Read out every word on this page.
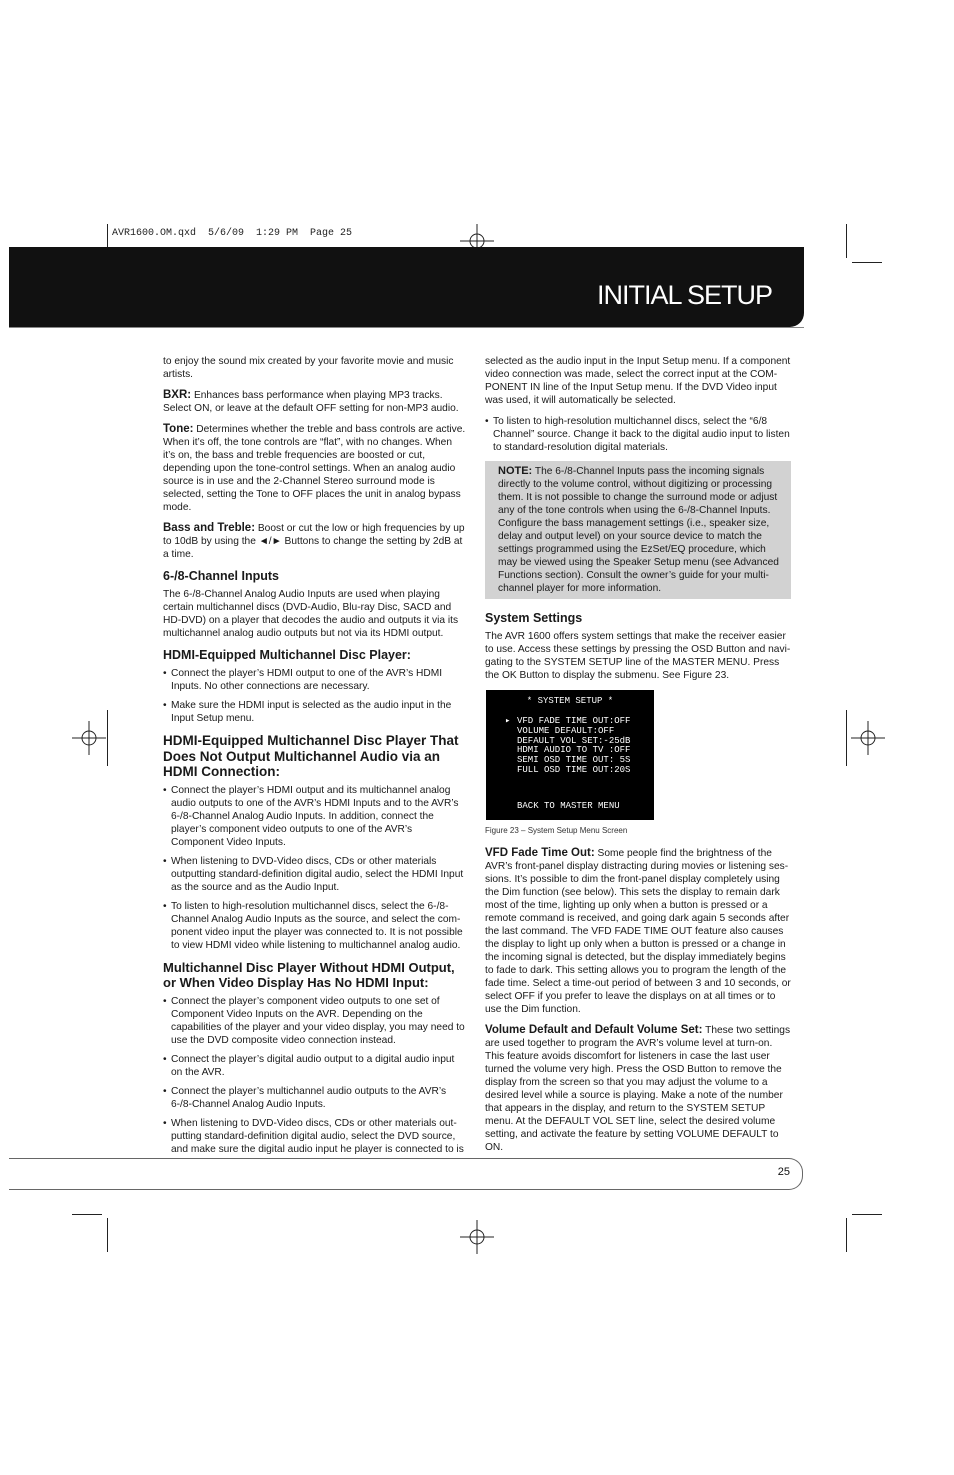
AVR1600.OM.qxd  5/6/09  1:29 PM  Page 25
INITIAL SETUP

to enjoy the sound mix created by your favorite movie and music artists.

BXR: Enhances bass performance when playing MP3 tracks. Select ON, or leave at the default OFF setting for non-MP3 audio.

Tone: Determines whether the treble and bass controls are active. When it’s off, the tone controls are “flat”, with no changes. When it’s on, the bass and treble frequencies are boosted or cut, depending upon the tone-control settings. When an analog audio source is in use and the 2-Channel Stereo surround mode is selected, setting the Tone to OFF places the unit in analog bypass mode.

Bass and Treble: Boost or cut the low or high frequencies by up to 10dB by using the ◄/► Buttons to change the setting by 2dB at a time.

6-/8-Channel Inputs

The 6-/8-Channel Analog Audio Inputs are used when playing certain multichannel discs (DVD-Audio, Blu-ray Disc, SACD and HD-DVD) on a player that decodes the audio and outputs it via its multichannel analog audio outputs but not via its HDMI output.

HDMI-Equipped Multichannel Disc Player:
• Connect the player’s HDMI output to one of the AVR’s HDMI Inputs. No other connections are necessary.
• Make sure the HDMI input is selected as the audio input in the Input Setup menu.
HDMI-Equipped Multichannel Disc Player That Does Not Output Multichannel Audio via an HDMI Connection:
• Connect the player’s HDMI output and its multichannel analog audio outputs to one of the AVR’s HDMI Inputs and to the AVR’s 6-/8-Channel Analog Audio Inputs. In addition, connect the player’s component video outputs to one of the AVR’s Component Video Inputs.
• When listening to DVD-Video discs, CDs or other materials outputting standard-definition digital audio, select the HDMI Input as the source and as the Audio Input.
• To listen to high-resolution multichannel discs, select the 6-/8-Channel Analog Audio Inputs as the source, and select the com-ponent video input the player was connected to. It is not possible to view HDMI video while listening to multichannel analog audio.
Multichannel Disc Player Without HDMI Output, or When Video Display Has No HDMI Input:
• Connect the player’s component video outputs to one set of Component Video Inputs on the AVR. Depending on the capabilities of the player and your video display, you may need to use the DVD composite video connection instead.
• Connect the player’s digital audio output to a digital audio input on the AVR.
• Connect the player’s multichannel audio outputs to the AVR’s 6-/8-Channel Analog Audio Inputs.
• When listening to DVD-Video discs, CDs or other materials out-putting standard-definition digital audio, select the DVD source, and make sure the digital audio input he player is connected to is

selected as the audio input in the Input Setup menu. If a component video connection was made, select the correct input at the COM-PONENT IN line of the Input Setup menu. If the DVD Video input was used, it will automatically be selected.

• To listen to high-resolution multichannel discs, select the “6/8 Channel” source. Change it back to the digital audio input to listen to standard-resolution digital materials.
NOTE: The 6-/8-Channel Inputs pass the incoming signals directly to the volume control, without digitizing or processing them. It is not possible to change the surround mode or adjust any of the tone controls when using the 6-/8-Channel Inputs. Configure the bass management settings (i.e., speaker size, delay and output level) on your source device to match the settings programmed using the EzSet/EQ procedure, which may be viewed using the Speaker Setup menu (see Advanced Functions section). Consult the owner’s guide for your multi-channel player for more information.
System Settings

The AVR 1600 offers system settings that make the receiver easier to use. Access these settings by pressing the OSD Button and navi-gating to the SYSTEM SETUP line of the MASTER MENU. Press the OK Button to display the submenu. See Figure 23.

* SYSTEM SETUP *
▸ VFD FADE TIME OUT:OFF
VOLUME DEFAULT:OFF
DEFAULT VOL SET:-25dB
HDMI AUDIO TO TV :OFF
SEMI OSD TIME OUT: 5S
FULL OSD TIME OUT:20S
BACK TO MASTER MENU

Figure 23 – System Setup Menu Screen

VFD Fade Time Out: Some people find the brightness of the AVR’s front-panel display distracting during movies or listening ses-sions. It’s possible to dim the front-panel display completely using the Dim function (see below). This sets the display to remain dark most of the time, lighting up only when a button is pressed or a remote command is received, and going dark again 5 seconds after the last command. The VFD FADE TIME OUT feature also causes the display to light up only when a button is pressed or a change in the incoming signal is detected, but the display immediately begins to fade to dark. This setting allows you to program the length of the fade time. Select a time-out period of between 3 and 10 seconds, or select OFF if you prefer to leave the displays on at all times or to use the Dim function.

Volume Default and Default Volume Set: These two settings are used together to program the AVR’s volume level at turn-on. This feature avoids discomfort for listeners in case the last user turned the volume very high. Press the OSD Button to remove the display from the screen so that you may adjust the volume to a desired level while a source is playing. Make a note of the number that appears in the display, and return to the SYSTEM SETUP menu. At the DEFAULT VOL SET line, select the desired volume setting, and activate the feature by setting VOLUME DEFAULT to ON.

25
